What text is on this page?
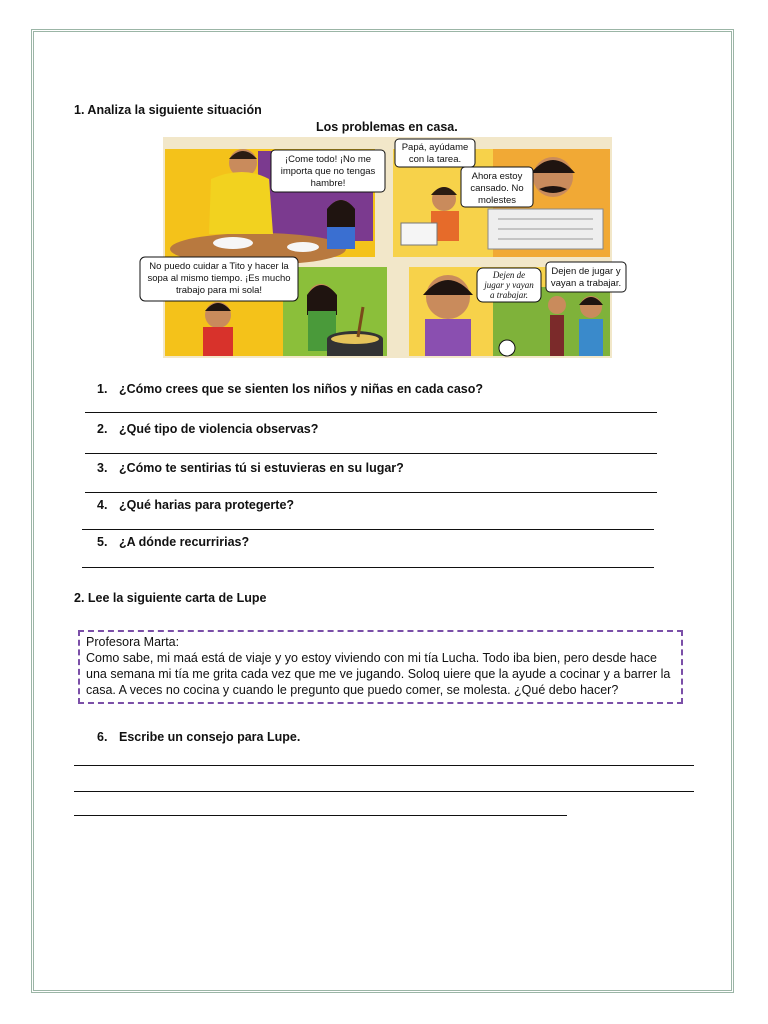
1. Analiza la siguiente situación
Los problemas en casa.
¡Come todo! ¡No me
importa que no tengas
hambre!
Papá, ayúdame
con la tarea.
Ahora estoy
cansado. No
molestes
No puedo cuidar a Tito y hacer la
sopa al mismo tiempo. ¡Es mucho
trabajo para mi sola!
Dejen de
jugar y vayan
a trabajar.
Dejen de jugar y
vayan a trabajar.
1. ¿Cómo crees que se sienten los niños y niñas en cada caso?
2. ¿Qué tipo de violencia observas?
3. ¿Cómo te sentirias tú si estuvieras en su lugar?
4. ¿Qué harias para protegerte?
5. ¿A dónde recurririas?
2. Lee la siguiente carta de Lupe
Profesora Marta:
Como sabe, mi maá está de viaje y yo estoy viviendo con mi tía Lucha. Todo iba bien, pero desde hace una semana mi tía me grita cada vez que me ve jugando. Soloq uiere que la ayude a cocinar y a barrer la casa. A veces no cocina y cuando le pregunto que puedo comer, se molesta. ¿Qué debo hacer?
6. Escribe un consejo para Lupe.
